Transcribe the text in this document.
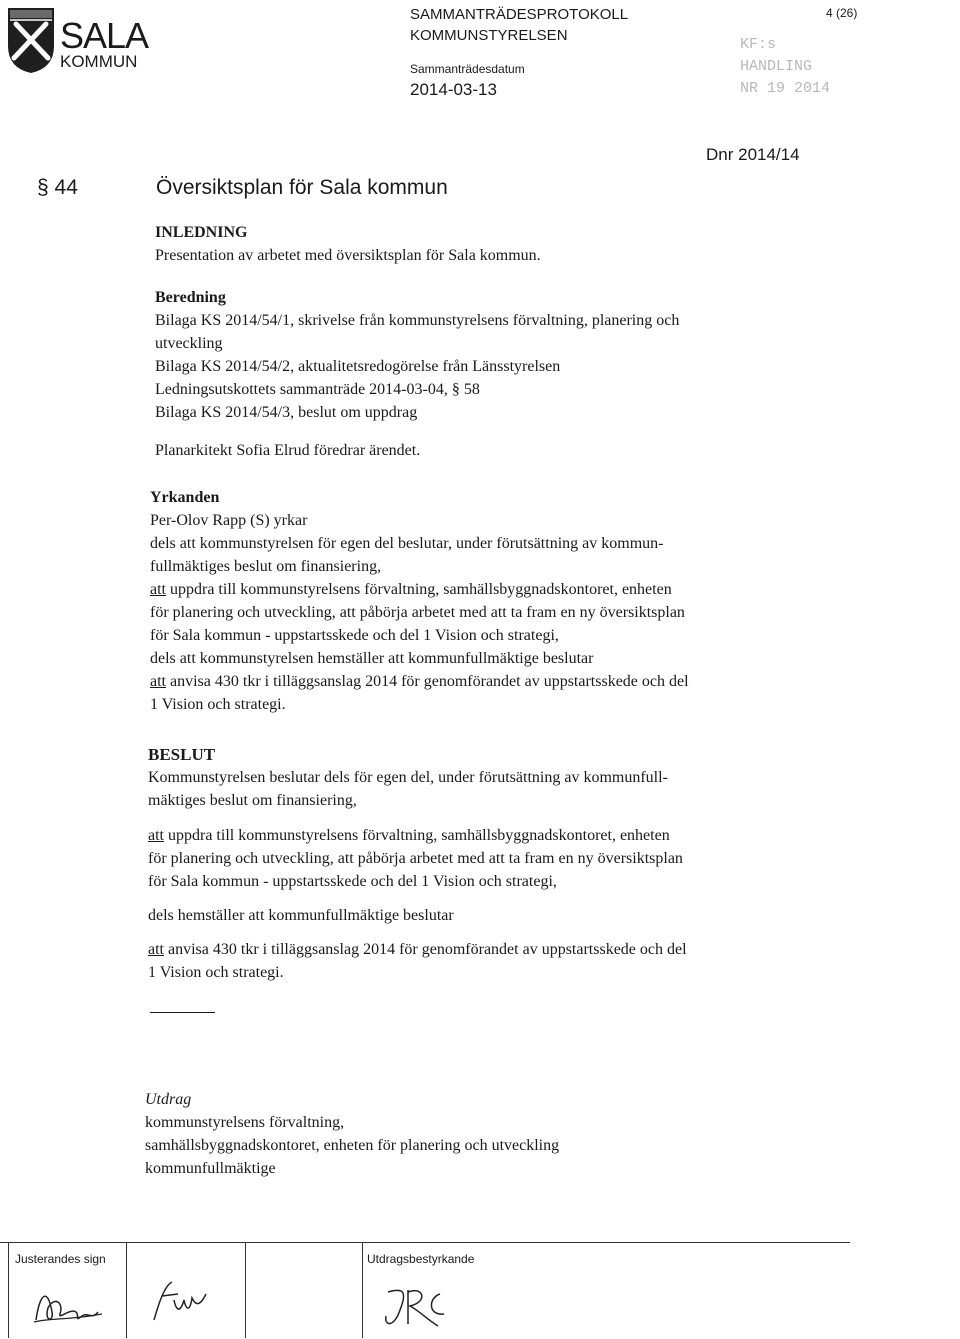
SALA
KOMMUN
SAMMANTRÄDESPROTOKOLL
KOMMUNSTYRELSEN
Sammanträdesdatum
2014-03-13
4 (26)
KF:s
HANDLING
NR 19 2014
Dnr 2014/14
§ 44	Översiktsplan för Sala kommun
INLEDNING
Presentation av arbetet med översiktsplan för Sala kommun.
Beredning
Bilaga KS 2014/54/1, skrivelse från kommunstyrelsens förvaltning, planering och
utveckling
Bilaga KS 2014/54/2, aktualitetsredogörelse från Länsstyrelsen
Ledningsutskottets sammanträde 2014-03-04, § 58
Bilaga KS 2014/54/3, beslut om uppdrag
Planarkitekt Sofia Elrud föredrar ärendet.
Yrkanden
Per-Olov Rapp (S) yrkar
dels att kommunstyrelsen för egen del beslutar, under förutsättning av kommun-
fullmäktiges beslut om finansiering,
att uppdra till kommunstyrelsens förvaltning, samhällsbyggnadskontoret, enheten
för planering och utveckling, att påbörja arbetet med att ta fram en ny översiktsplan
för Sala kommun - uppstartsskede och del 1 Vision och strategi,
dels att kommunstyrelsen hemställer att kommunfullmäktige beslutar
att anvisa 430 tkr i tilläggsanslag 2014 för genomförandet av uppstartsskede och del
1 Vision och strategi.
BESLUT
Kommunstyrelsen beslutar dels för egen del, under förutsättning av kommunfull-
mäktiges beslut om finansiering,
att uppdra till kommunstyrelsens förvaltning, samhällsbyggnadskontoret, enheten
för planering och utveckling, att påbörja arbetet med att ta fram en ny översiktsplan
för Sala kommun - uppstartsskede och del 1 Vision och strategi,
dels hemställer att kommunfullmäktige beslutar
att anvisa 430 tkr i tilläggsanslag 2014 för genomförandet av uppstartsskede och del
1 Vision och strategi.
Utdrag
kommunstyrelsens förvaltning,
samhällsbyggnadskontoret, enheten för planering och utveckling
kommunfullmäktige
Justerandes sign	Utdragsbestyrkande
